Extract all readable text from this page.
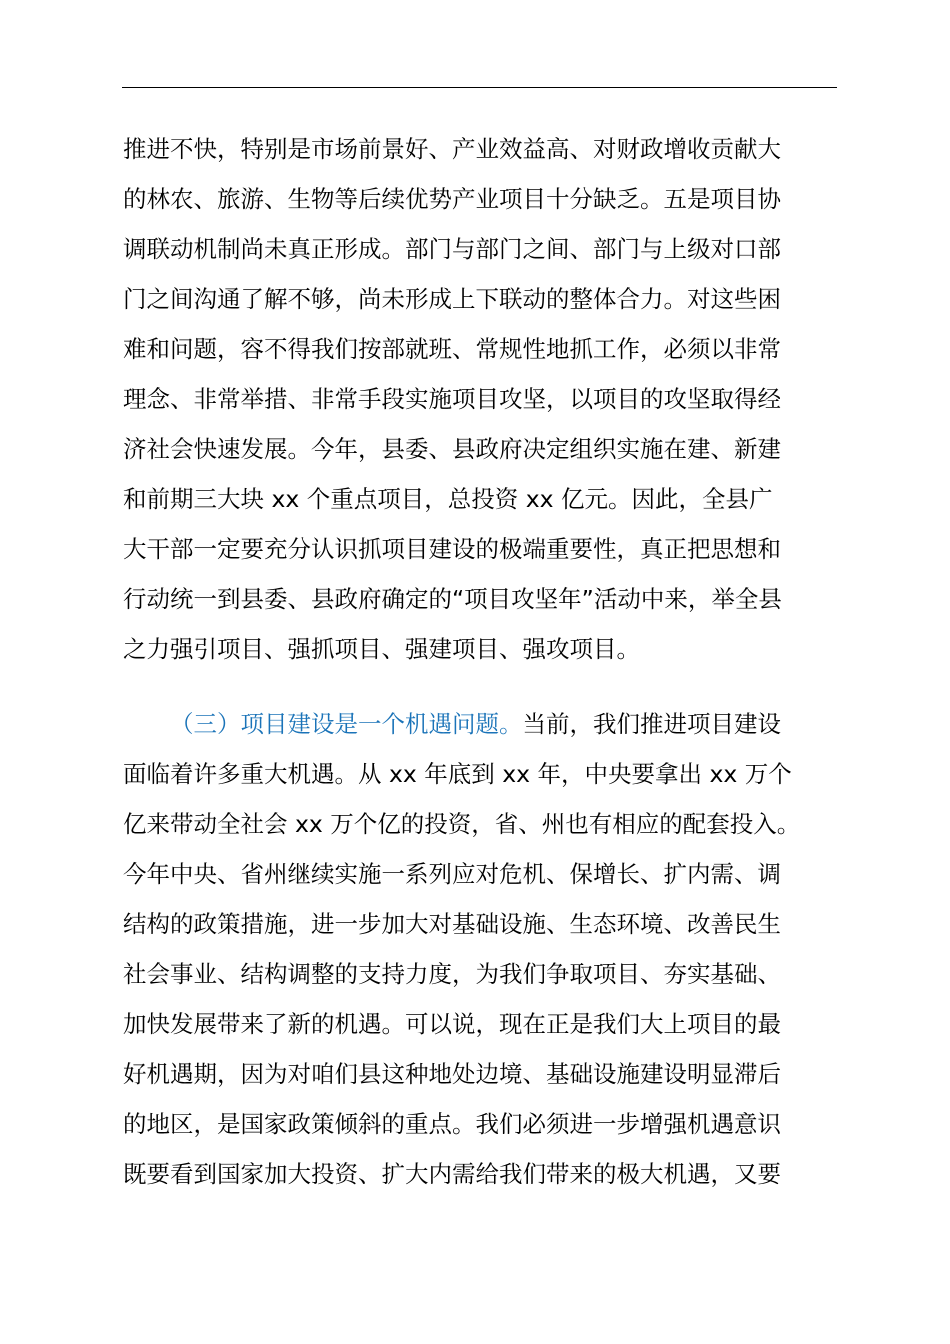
推进不快，特别是市场前景好、产业效益高、对财政增收贡献大
的林农、旅游、生物等后续优势产业项目十分缺乏。五是项目协
调联动机制尚未真正形成。部门与部门之间、部门与上级对口部
门之间沟通了解不够，尚未形成上下联动的整体合力。对这些困
难和问题，容不得我们按部就班、常规性地抓工作，必须以非常
理念、非常举措、非常手段实施项目攻坚，以项目的攻坚取得经
济社会快速发展。今年，县委、县政府决定组织实施在建、新建
和前期三大块 xx 个重点项目，总投资 xx 亿元。因此，全县广
大干部一定要充分认识抓项目建设的极端重要性，真正把思想和
行动统一到县委、县政府确定的“项目攻坚年”活动中来，举全县
之力强引项目、强抓项目、强建项目、强攻项目。
（三）项目建设是一个机遇问题。当前，我们推进项目建设
面临着许多重大机遇。从 xx 年底到 xx 年，中央要拿出 xx 万个
亿来带动全社会 xx 万个亿的投资，省、州也有相应的配套投入。
今年中央、省州继续实施一系列应对危机、保增长、扩内需、调
结构的政策措施，进一步加大对基础设施、生态环境、改善民生
社会事业、结构调整的支持力度，为我们争取项目、夯实基础、
加快发展带来了新的机遇。可以说，现在正是我们大上项目的最
好机遇期，因为对咱们县这种地处边境、基础设施建设明显滞后
的地区，是国家政策倾斜的重点。我们必须进一步增强机遇意识
既要看到国家加大投资、扩大内需给我们带来的极大机遇，又要
